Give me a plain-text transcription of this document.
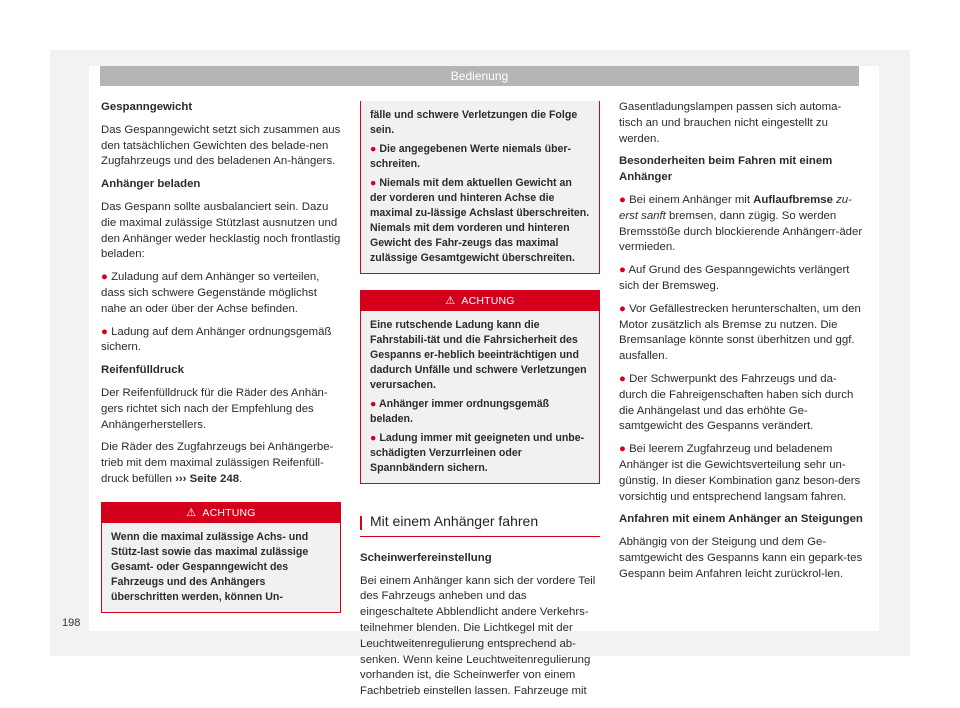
Bedienung

Gespanngewicht

Das Gespanngewicht setzt sich zusammen aus den tatsächlichen Gewichten des belade-nen Zugfahrzeugs und des beladenen An-hängers.

Anhänger beladen

Das Gespann sollte ausbalanciert sein. Dazu die maximal zulässige Stützlast ausnutzen und den Anhänger weder hecklastig noch frontlastig beladen:

● Zuladung auf dem Anhänger so verteilen, dass sich schwere Gegenstände möglichst nahe an oder über der Achse befinden.

● Ladung auf dem Anhänger ordnungsgemäß sichern.

Reifenfülldruck

Der Reifenfülldruck für die Räder des Anhän-gers richtet sich nach der Empfehlung des Anhängerherstellers.

Die Räder des Zugfahrzeugs bei Anhängerbe-trieb mit dem maximal zulässigen Reifenfüll-druck befüllen ››› Seite 248.

⚠ ACHTUNG

Wenn die maximal zulässige Achs- und Stütz-last sowie das maximal zulässige Gesamt- oder Gespanngewicht des Fahrzeugs und des Anhängers überschritten werden, können Un-

fälle und schwere Verletzungen die Folge sein.

● Die angegebenen Werte niemals über-schreiten.

● Niemals mit dem aktuellen Gewicht an der vorderen und hinteren Achse die maximal zu-lässige Achslast überschreiten. Niemals mit dem vorderen und hinteren Gewicht des Fahr-zeugs das maximal zulässige Gesamtgewicht überschreiten.

⚠ ACHTUNG

Eine rutschende Ladung kann die Fahrstabili-tät und die Fahrsicherheit des Gespanns er-heblich beeinträchtigen und dadurch Unfälle und schwere Verletzungen verursachen.

● Anhänger immer ordnungsgemäß beladen.

● Ladung immer mit geeigneten und unbe-schädigten Verzurrleinen oder Spannbändern sichern.

Mit einem Anhänger fahren

Scheinwerfereinstellung

Bei einem Anhänger kann sich der vordere Teil des Fahrzeugs anheben und das eingeschaltete Abblendlicht andere Verkehrs-teilnehmer blenden. Die Lichtkegel mit der Leuchtweitenregulierung entsprechend ab-senken. Wenn keine Leuchtweitenregulierung vorhanden ist, die Scheinwerfer von einem Fachbetrieb einstellen lassen. Fahrzeuge mit

Gasentladungslampen passen sich automa-tisch an und brauchen nicht eingestellt zu werden.

Besonderheiten beim Fahren mit einem Anhänger

● Bei einem Anhänger mit Auflaufbremse zu-erst sanft bremsen, dann zügig. So werden Bremsstöße durch blockierende Anhängerr-äder vermieden.

● Auf Grund des Gespanngewichts verlängert sich der Bremsweg.

● Vor Gefällestrecken herunterschalten, um den Motor zusätzlich als Bremse zu nutzen. Die Bremsanlage könnte sonst überhitzen und ggf. ausfallen.

● Der Schwerpunkt des Fahrzeugs und da-durch die Fahreigenschaften haben sich durch die Anhängelast und das erhöhte Ge-samtgewicht des Gespanns verändert.

● Bei leerem Zugfahrzeug und beladenem Anhänger ist die Gewichtsverteilung sehr un-günstig. In dieser Kombination ganz beson-ders vorsichtig und entsprechend langsam fahren.

Anfahren mit einem Anhänger an Steigungen

Abhängig von der Steigung und dem Ge-samtgewicht des Gespanns kann ein gepark-tes Gespann beim Anfahren leicht zurückrol-len.

198
